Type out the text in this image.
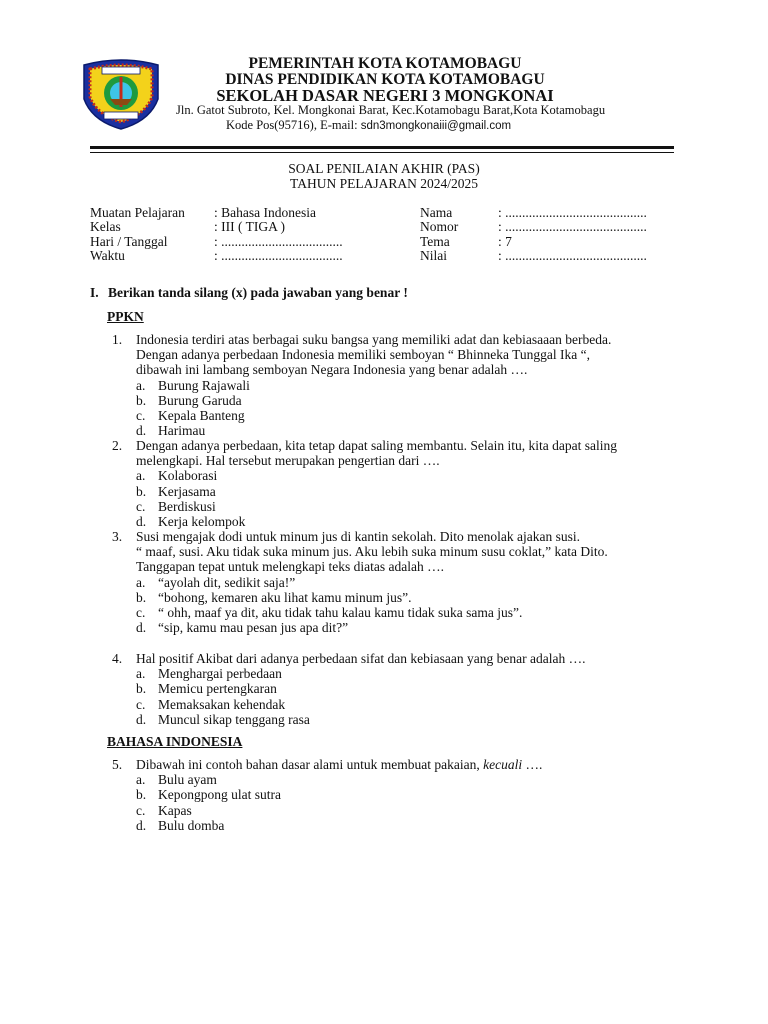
PEMERINTAH KOTA KOTAMOBAGU
DINAS PENDIDIKAN KOTA KOTAMOBAGU
SEKOLAH DASAR NEGERI 3 MONGKONAI
Jln. Gatot Subroto, Kel. Mongkonai Barat, Kec.Kotamobagu Barat,Kota Kotamobagu
Kode Pos(95716), E-mail: sdn3mongkonaiii@gmail.com
SOAL PENILAIAN AKHIR (PAS)
TAHUN PELAJARAN 2024/2025
Muatan Pelajaran : Bahasa Indonesia
Kelas	: III ( TIGA )
Hari / Tanggal	: ....................................
Waktu	: ....................................
Nama	: ..........................................
Nomor	: ..........................................
Tema	: 7
Nilai	: ..........................................
I. Berikan tanda silang (x) pada jawaban yang benar !
PPKN
1. Indonesia terdiri atas berbagai suku bangsa yang memiliki adat dan kebiasaaan berbeda.
Dengan adanya perbedaan Indonesia memiliki semboyan “ Bhinneka Tunggal Ika “,
dibawah ini lambang semboyan Negara Indonesia yang benar adalah ….
a. Burung Rajawali
b. Burung Garuda
c. Kepala Banteng
d. Harimau
2. Dengan adanya perbedaan, kita tetap dapat saling membantu. Selain itu, kita dapat saling
melengkapi. Hal tersebut merupakan pengertian dari ….
a. Kolaborasi
b. Kerjasama
c. Berdiskusi
d. Kerja kelompok
3. Susi mengajak dodi untuk minum jus di kantin sekolah. Dito menolak ajakan susi.
“ maaf, susi. Aku tidak suka minum jus. Aku lebih suka minum susu coklat,” kata Dito.
Tanggapan tepat untuk melengkapi teks diatas adalah ….
a. “ayolah dit, sedikit saja!”
b. “bohong, kemaren aku lihat kamu minum jus”.
c. “ ohh, maaf ya dit, aku tidak tahu kalau kamu tidak suka sama jus”.
d. “sip, kamu mau pesan jus apa dit?”
4. Hal positif Akibat dari adanya perbedaan sifat dan kebiasaan yang benar adalah ….
a. Menghargai perbedaan
b. Memicu pertengkaran
c. Memaksakan kehendak
d. Muncul sikap tenggang rasa
BAHASA INDONESIA
5. Dibawah ini contoh bahan dasar alami untuk membuat pakaian, kecuali ….
a. Bulu ayam
b. Kepongpong ulat sutra
c. Kapas
d. Bulu domba
